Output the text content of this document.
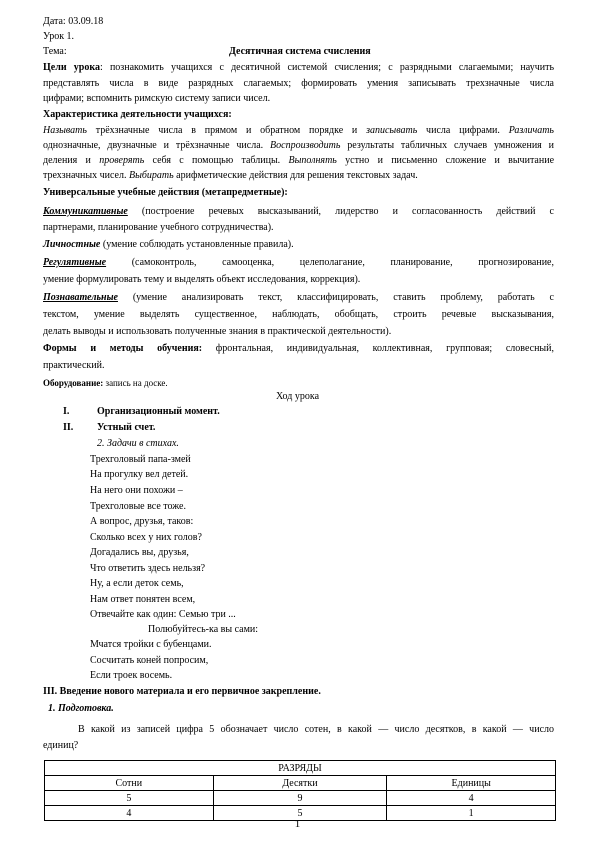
Дата: 03.09.18
Урок 1.
Тема:	Десятичная система счисления
Цели урока: познакомить учащихся с десятичной системой счисления; с разрядными слагаемыми; научить
представлять числа в виде разрядных слагаемых; формировать умения записывать трехзначные числа
цифрами; вспомнить римскую систему записи чисел.
Характеристика деятельности учащихся:
Называть трёхзначные числа в прямом и обратном порядке и записывать числа цифрами. Различать
однозначные, двузначные и трёхзначные числа. Воспроизводить результаты табличных случаев умножения и
деления и проверять себя с помощью таблицы. Выполнять устно и письменно сложение и вычитание
трехзначных чисел. Выбирать арифметические действия для решения текстовых задач.
Универсальные учебные действия (метапредметные):
Коммуникативные (построение речевых высказываний, лидерство и согласованность действий с
партнерами, планирование учебного сотрудничества).
Личностные (умение соблюдать установленные правила).
Регулятивные (самоконтроль, самооценка, целеполагание, планирование, прогнозирование,
умение формулировать тему и выделять объект исследования, коррекция).
Познавательные (умение анализировать текст, классифицировать, ставить проблему, работать с
текстом, умение выделять существенное, наблюдать, обобщать, строить речевые высказывания,
делать выводы и использовать полученные знания в практической деятельности).
Формы и методы обучения: фронтальная, индивидуальная, коллективная, групповая; словесный,
практический.
Оборудование: запись на доске.
Ход урока
I.	Организационный момент.
II. Устный счет.
2. Задачи в стихах.
Трехголовый папа-змей
На прогулку вел детей.
На него они похожи –
Трехголовые все тоже.
А вопрос, друзья, таков:
Сколько всех у них голов?
Догадались вы, друзья,
Что ответить здесь нельзя?
Ну, а если деток семь,
Нам ответ понятен всем,
Отвечайте как один: Семью три ...
Полюбуйтесь-ка вы сами:
Мчатся тройки с бубенцами.
Сосчитать коней попросим,
Если троек восемь.
III. Введение нового материала и его первичное закрепление.
1. Подготовка.
В какой из записей цифра 5 обозначает число сотен, в какой — число десятков, в какой — число
единиц?
РАЗРЯДЫ		
Сотни	Десятки	Единицы
5	9	4
4	5	1
1
